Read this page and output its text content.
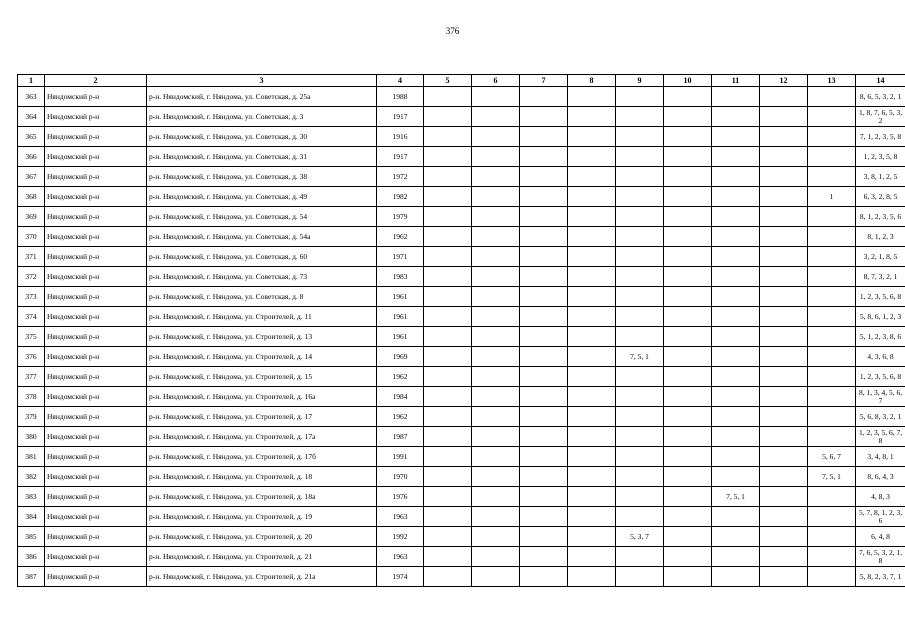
376
1	2	3	4	5	6	7	8	9	10	11	12	13	14
363	Няндомский р-н	р-н. Няндомский, г. Няндома, ул. Советская, д. 25а	1988										8, 6, 5, 3, 2, 1
364	Няндомский р-н	р-н. Няндомский, г. Няндома, ул. Советская, д. 3	1917										1, 8, 7, 6, 5, 3, 2
365	Няндомский р-н	р-н. Няндомский, г. Няндома, ул. Советская, д. 30	1916										7, 1, 2, 3, 5, 8
366	Няндомский р-н	р-н. Няндомский, г. Няндома, ул. Советская, д. 31	1917										1, 2, 3, 5, 8
367	Няндомский р-н	р-н. Няндомский, г. Няндома, ул. Советская, д. 38	1972										3, 8, 1, 2, 5
368	Няндомский р-н	р-н. Няндомский, г. Няндома, ул. Советская, д. 49	1982									1	6, 3, 2, 8, 5
369	Няндомский р-н	р-н. Няндомский, г. Няндома, ул. Советская, д. 54	1979										8, 1, 2, 3, 5, 6
370	Няндомский р-н	р-н. Няндомский, г. Няндома, ул. Советская, д. 54а	1962										8, 1, 2, 3
371	Няндомский р-н	р-н. Няндомский, г. Няндома, ул. Советская, д. 60	1971										3, 2, 1, 8, 5
372	Няндомский р-н	р-н. Няндомский, г. Няндома, ул. Советская, д. 73	1983										8, 7, 3, 2, 1
373	Няндомский р-н	р-н. Няндомский, г. Няндома, ул. Советская, д. 8	1961										1, 2, 3, 5, 6, 8
374	Няндомский р-н	р-н. Няндомский, г. Няндома, ул. Строителей, д. 11	1961										5, 8, 6, 1, 2, 3
375	Няндомский р-н	р-н. Няндомский, г. Няндома, ул. Строителей, д. 13	1961										5, 1, 2, 3, 8, 6
376	Няндомский р-н	р-н. Няндомский, г. Няндома, ул. Строителей, д. 14	1969					7, 5, 1					4, 3, 6, 8
377	Няндомский р-н	р-н. Няндомский, г. Няндома, ул. Строителей, д. 15	1962										1, 2, 3, 5, 6, 8
378	Няндомский р-н	р-н. Няндомский, г. Няндома, ул. Строителей, д. 16а	1984										8, 1, 3, 4, 5, 6, 7
379	Няндомский р-н	р-н. Няндомский, г. Няндома, ул. Строителей, д. 17	1962										5, 6, 8, 3, 2, 1
380	Няндомский р-н	р-н. Няндомский, г. Няндома, ул. Строителей, д. 17а	1987										1, 2, 3, 5, 6, 7, 8
381	Няндомский р-н	р-н. Няндомский, г. Няндома, ул. Строителей, д. 17б	1991									5, 6, 7	3, 4, 8, 1
382	Няндомский р-н	р-н. Няндомский, г. Няндома, ул. Строителей, д. 18	1970									7, 5, 1	8, 6, 4, 3
383	Няндомский р-н	р-н. Няндомский, г. Няндома, ул. Строителей, д. 18а	1976							7, 5, 1			4, 8, 3
384	Няндомский р-н	р-н. Няндомский, г. Няндома, ул. Строителей, д. 19	1963										5, 7, 8, 1, 2, 3, 6
385	Няндомский р-н	р-н. Няндомский, г. Няндома, ул. Строителей, д. 20	1992					5, 3, 7					6, 4, 8
386	Няндомский р-н	р-н. Няндомский, г. Няндома, ул. Строителей, д. 21	1963										7, 6, 5, 3, 2, 1, 8
387	Няндомский р-н	р-н. Няндомский, г. Няндома, ул. Строителей, д. 21а	1974										5, 8, 2, 3, 7, 1
